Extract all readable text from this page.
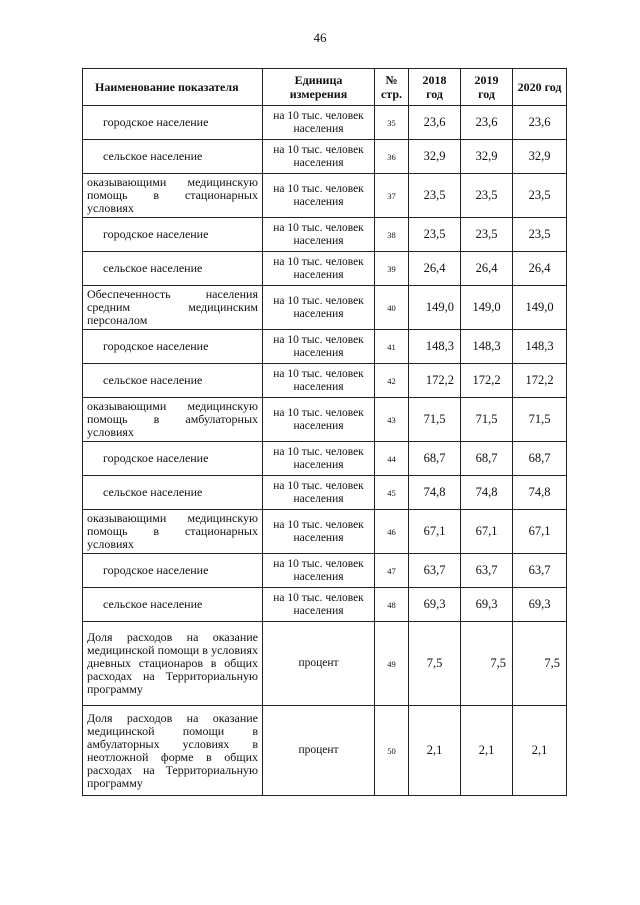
46
Наименование показателя	Единица измерения	№ стр.	2018 год	2019 год	2020 год
городское население	на 10 тыс. человек населения	35	23,6	23,6	23,6
сельское население	на 10 тыс. человек населения	36	32,9	32,9	32,9
оказывающими медицинскую помощь в стационарных условиях	на 10 тыс. человек населения	37	23,5	23,5	23,5
городское население	на 10 тыс. человек населения	38	23,5	23,5	23,5
сельское население	на 10 тыс. человек населения	39	26,4	26,4	26,4
Обеспеченность населения средним медицинским персоналом	на 10 тыс. человек населения	40	149,0	149,0	149,0
городское население	на 10 тыс. человек населения	41	148,3	148,3	148,3
сельское население	на 10 тыс. человек населения	42	172,2	172,2	172,2
оказывающими медицинскую помощь в амбулаторных условиях	на 10 тыс. человек населения	43	71,5	71,5	71,5
городское население	на 10 тыс. человек населения	44	68,7	68,7	68,7
сельское население	на 10 тыс. человек населения	45	74,8	74,8	74,8
оказывающими медицинскую помощь в стационарных условиях	на 10 тыс. человек населения	46	67,1	67,1	67,1
городское население	на 10 тыс. человек населения	47	63,7	63,7	63,7
сельское население	на 10 тыс. человек населения	48	69,3	69,3	69,3
Доля расходов на оказание медицинской помощи в условиях дневных стационаров в общих расходах на Территориальную программу	процент	49	7,5	7,5	7,5
Доля расходов на оказание медицинской помощи в амбулаторных условиях в неотложной форме в общих расходах на Территориальную программу	процент	50	2,1	2,1	2,1
